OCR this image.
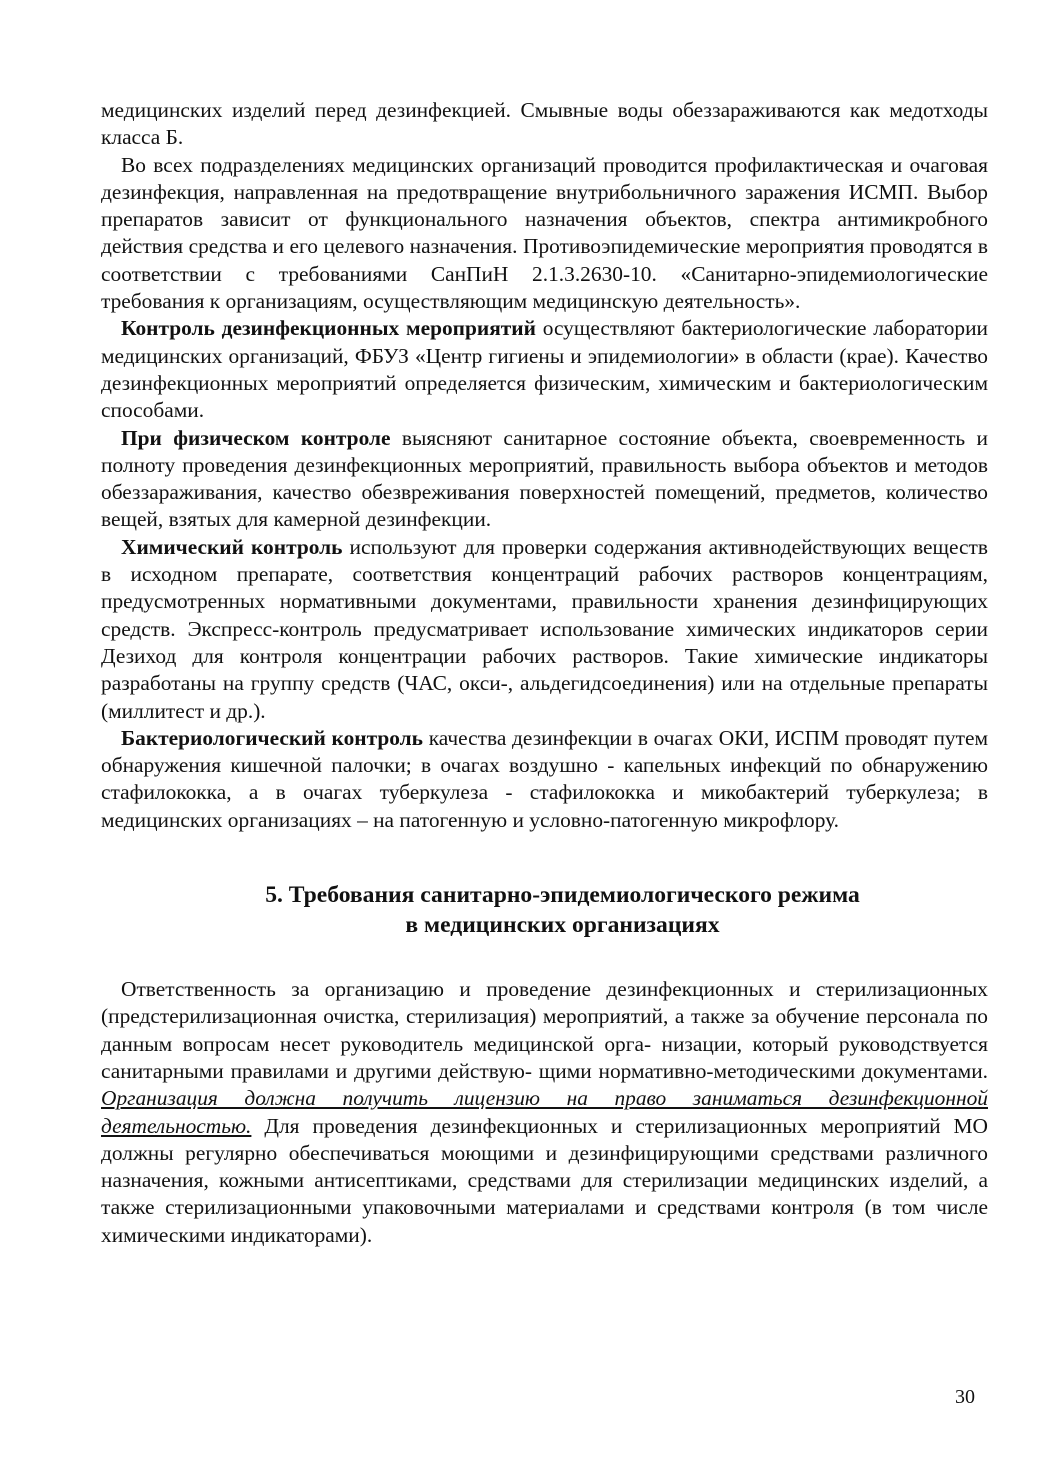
медицинских изделий перед дезинфекцией. Смывные воды обеззараживаются как медотходы класса Б.

Во всех подразделениях медицинских организаций проводится профилактическая и очаговая дезинфекция, направленная на предотвращение внутрибольничного заражения ИСМП. Выбор препаратов зависит от функционального назначения объектов, спектра антимикробного действия средства и его целевого назначения. Противоэпидемические мероприятия проводятся в соответствии с требованиями СанПиН 2.1.3.2630-10. «Санитарно-эпидемиологические требования к организациям, осуществляющим медицинскую деятельность».

Контроль дезинфекционных мероприятий осуществляют бактериологические лаборатории медицинских организаций, ФБУЗ «Центр гигиены и эпидемиологии» в области (крае). Качество дезинфекционных мероприятий определяется физическим, химическим и бактериологическим способами.

При физическом контроле выясняют санитарное состояние объекта, своевременность и полноту проведения дезинфекционных мероприятий, правильность выбора объектов и методов обеззараживания, качество обезвреживания поверхностей помещений, предметов, количество вещей, взятых для камерной дезинфекции.

Химический контроль используют для проверки содержания активнодействующих веществ в исходном препарате, соответствия концентраций рабочих растворов концентрациям, предусмотренных нормативными документами, правильности хранения дезинфицирующих средств. Экспресс-контроль предусматривает использование химических индикаторов серии Дезиход для контроля концентрации рабочих растворов. Такие химические индикаторы разработаны на группу средств (ЧАС, окси-, альдегидсоединения) или на отдельные препараты (миллитест и др.).

Бактериологический контроль качества дезинфекции в очагах ОКИ, ИСПМ проводят путем обнаружения кишечной палочки; в очагах воздушно - капельных инфекций по обнаружению стафилококка, а в очагах туберкулеза - стафилококка и микобактерий туберкулеза; в медицинских организациях – на патогенную и условно-патогенную микрофлору.

5. Требования санитарно-эпидемиологического режима
в медицинских организациях

Ответственность за организацию и проведение дезинфекционных и стерилизационных (предстерилизационная очистка, стерилизация) мероприятий, а также за обучение персонала по данным вопросам несет руководитель медицинской орга- низации, который руководствуется санитарными правилами и другими действую- щими нормативно-методическими документами. Организация должна получить лицензию на право заниматься дезинфекционной деятельностью. Для проведения дезинфекционных и стерилизационных мероприятий МО должны регулярно обеспечиваться моющими и дезинфицирующими средствами различного назначения, кожными антисептиками, средствами для стерилизации медицинских изделий, а также стерилизационными упаковочными материалами и средствами контроля (в том числе химическими индикаторами).

30
